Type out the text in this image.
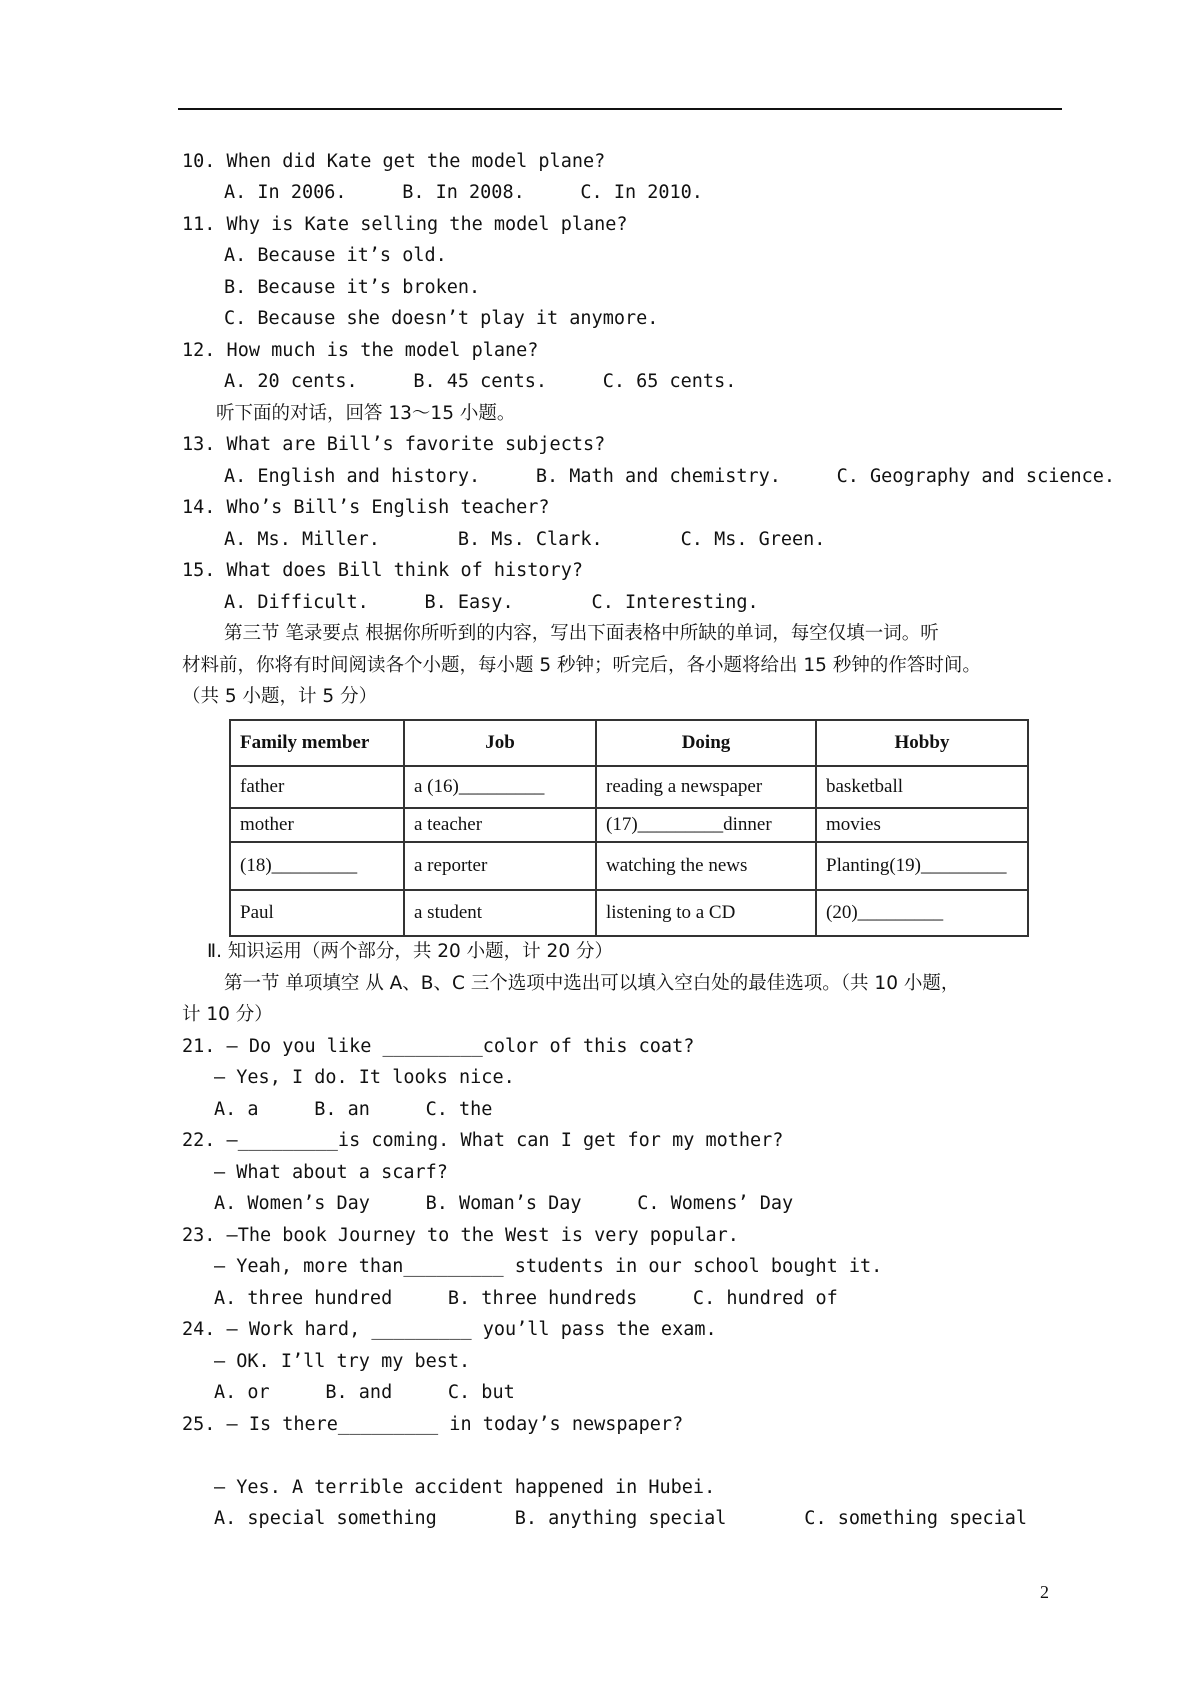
10. When did Kate get the model plane?
A. In 2006.     B. In 2008.     C. In 2010.
11. Why is Kate selling the model plane?
A. Because it’s old.
B. Because it’s broken.
C. Because she doesn’t play it anymore.
12. How much is the model plane?
A. 20 cents.     B. 45 cents.     C. 65 cents.
听下面的对话，回答 13～15 小题。
13. What are Bill’s favorite subjects?
A. English and history.     B. Math and chemistry.     C. Geography and science.
14. Who’s Bill’s English teacher?
A. Ms. Miller.       B. Ms. Clark.       C. Ms. Green.
15. What does Bill think of history?
A. Difficult.     B. Easy.       C. Interesting.
第三节 笔录要点 根据你所听到的内容，写出下面表格中所缺的单词，每空仅填一词。听
材料前，你将有时间阅读各个小题，每小题 5 秒钟；听完后，各小题将给出 15 秒钟的作答时间。
（共 5 小题，计 5 分）
Family member	Job	Doing	Hobby
father	a (16)_________	reading a newspaper	basketball
mother	a teacher	(17)_________dinner	movies
(18)_________	a reporter	watching the news	Planting(19)_________
Paul	a student	listening to a CD	(20)_________
Ⅱ. 知识运用（两个部分，共 20 小题，计 20 分）
第一节 单项填空 从 A、B、C 三个选项中选出可以填入空白处的最佳选项。（共 10 小题，
计 10 分）
21. — Do you like _________color of this coat?
— Yes, I do. It looks nice.
A. a     B. an     C. the
22. —_________is coming. What can I get for my mother?
— What about a scarf?
A. Women’s Day     B. Woman’s Day     C. Womens’ Day
23. —The book Journey to the West is very popular.
— Yeah, more than_________ students in our school bought it.
A. three hundred     B. three hundreds     C. hundred of
24. — Work hard, _________ you’ll pass the exam.
— OK. I’ll try my best.
A. or     B. and     C. but
25. — Is there_________ in today’s newspaper?
— Yes. A terrible accident happened in Hubei.
A. special something       B. anything special       C. something special
2
